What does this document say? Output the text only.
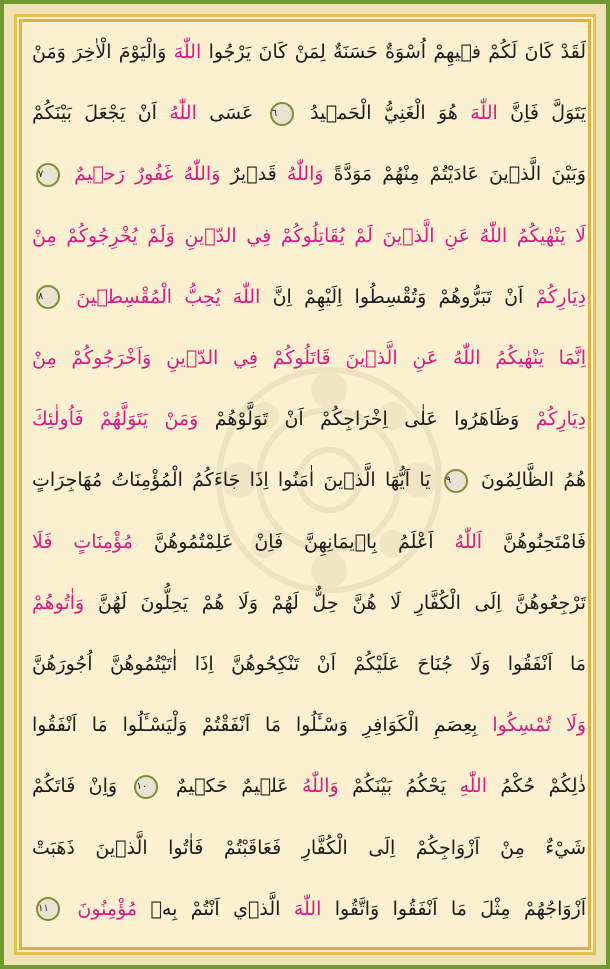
لَقَدْ كَانَ لَكُمْ فٖيهِمْ اُسْوَةٌ حَسَنَةٌ لِمَنْ كَانَ يَرْجُوا اللّٰهَ وَالْيَوْمَ الْاٰخِرَ وَمَنْ
يَتَوَلَّ فَاِنَّ اللّٰهَ هُوَ الْغَنِيُّ الْحَمٖيدُ ٦ عَسَى اللّٰهُ اَنْ يَجْعَلَ بَيْنَكُمْ
وَبَيْنَ الَّذٖينَ عَادَيْتُمْ مِنْهُمْ مَوَدَّةً وَاللّٰهُ قَدٖيرٌ وَاللّٰهُ غَفُورٌ رَحٖيمٌ ٧
لَا يَنْهٰيكُمُ اللّٰهُ عَنِ الَّذٖينَ لَمْ يُقَاتِلُوكُمْ فِي الدّٖينِ وَلَمْ يُخْرِجُوكُمْ مِنْ
دِيَارِكُمْ اَنْ تَبَرُّوهُمْ وَتُقْسِطُوا اِلَيْهِمْ اِنَّ اللّٰهَ يُحِبُّ الْمُقْسِطٖينَ ٨
اِنَّمَا يَنْهٰيكُمُ اللّٰهُ عَنِ الَّذٖينَ قَاتَلُوكُمْ فِي الدّٖينِ وَاَخْرَجُوكُمْ مِنْ
دِيَارِكُمْ وَظَاهَرُوا عَلٰى اِخْرَاجِكُمْ اَنْ تَوَلَّوْهُمْ وَمَنْ يَتَوَلَّهُمْ فَاُولٰئِكَ
هُمُ الظَّالِمُونَ ٩ يَا اَيُّهَا الَّذٖينَ اٰمَنُوا اِذَا جَاءَكُمُ الْمُؤْمِنَاتُ مُهَاجِرَاتٍ
فَامْتَحِنُوهُنَّ اَللّٰهُ اَعْلَمُ بِاٖيمَانِهِنَّ فَاِنْ عَلِمْتُمُوهُنَّ مُؤْمِنَاتٍ فَلَا
تَرْجِعُوهُنَّ اِلَى الْكُفَّارِ لَا هُنَّ حِلٌّ لَهُمْ وَلَا هُمْ يَحِلُّونَ لَهُنَّ وَاٰتُوهُمْ
مَا اَنْفَقُوا وَلَا جُنَاحَ عَلَيْكُمْ اَنْ تَنْكِحُوهُنَّ اِذَا اٰتَيْتُمُوهُنَّ اُجُورَهُنَّ
وَلَا تُمْسِكُوا بِعِصَمِ الْكَوَافِرِ وَسْـَٔلُوا مَا اَنْفَقْتُمْ وَلْيَسْـَٔلُوا مَا اَنْفَقُوا
ذٰلِكُمْ حُكْمُ اللّٰهِ يَحْكُمُ بَيْنَكُمْ وَاللّٰهُ عَلٖيمٌ حَكٖيمٌ ١٠ وَاِنْ فَاتَكُمْ
شَيْءٌ مِنْ اَزْوَاجِكُمْ اِلَى الْكُفَّارِ فَعَاقَبْتُمْ فَاٰتُوا الَّذٖينَ ذَهَبَتْ
اَزْوَاجُهُمْ مِثْلَ مَا اَنْفَقُوا وَاتَّقُوا اللّٰهَ الَّذٖي اَنْتُمْ بِهٖ مُؤْمِنُونَ ١١
